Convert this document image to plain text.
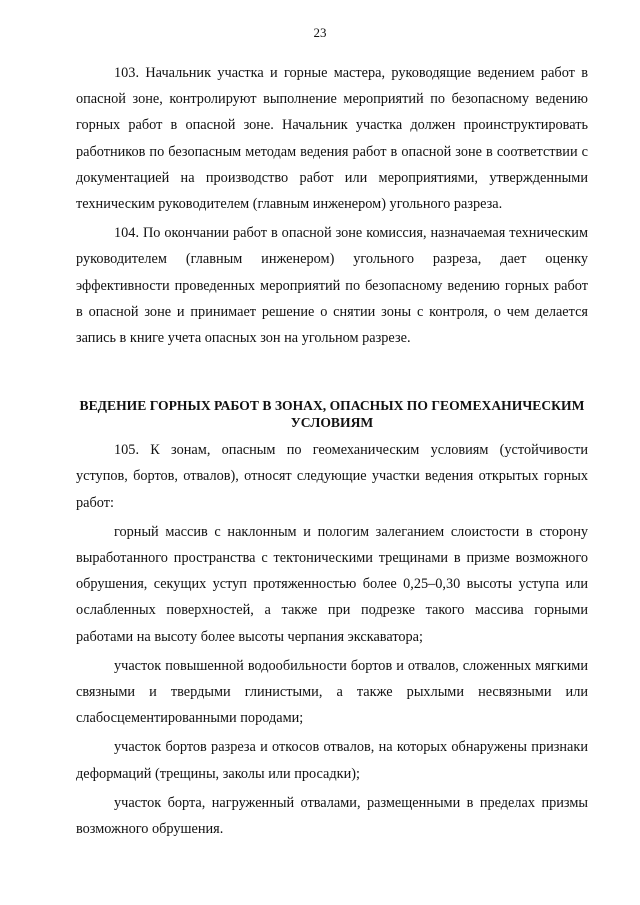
23

103. Начальник участка и горные мастера, руководящие ведением работ в опасной зоне, контролируют выполнение мероприятий по безопасному ведению горных работ в опасной зоне. Начальник участка должен проинструктировать работников по безопасным методам ведения работ в опасной зоне в соответствии с документацией на производство работ или мероприятиями, утвержденными техническим руководителем (главным инженером) угольного разреза.

104. По окончании работ в опасной зоне комиссия, назначаемая техническим руководителем (главным инженером) угольного разреза, дает оценку эффективности проведенных мероприятий по безопасному ведению горных работ в опасной зоне и принимает решение о снятии зоны с контроля, о чем делается запись в книге учета опасных зон на угольном разрезе.

ВЕДЕНИЕ ГОРНЫХ РАБОТ В ЗОНАХ, ОПАСНЫХ ПО ГЕОМЕХАНИЧЕСКИМ УСЛОВИЯМ

105. К зонам, опасным по геомеханическим условиям (устойчивости уступов, бортов, отвалов), относят следующие участки ведения открытых горных работ:

горный массив с наклонным и пологим залеганием слоистости в сторону выработанного пространства с тектоническими трещинами в призме возможного обрушения, секущих уступ протяженностью более 0,25–0,30 высоты уступа или ослабленных поверхностей, а также при подрезке такого массива горными работами на высоту более высоты черпания экскаватора;

участок повышенной водообильности бортов и отвалов, сложенных мягкими связными и твердыми глинистыми, а также рыхлыми несвязными или слабосцементированными породами;

участок бортов разреза и откосов отвалов, на которых обнаружены признаки деформаций (трещины, заколы или просадки);

участок борта, нагруженный отвалами, размещенными в пределах призмы возможного обрушения.
